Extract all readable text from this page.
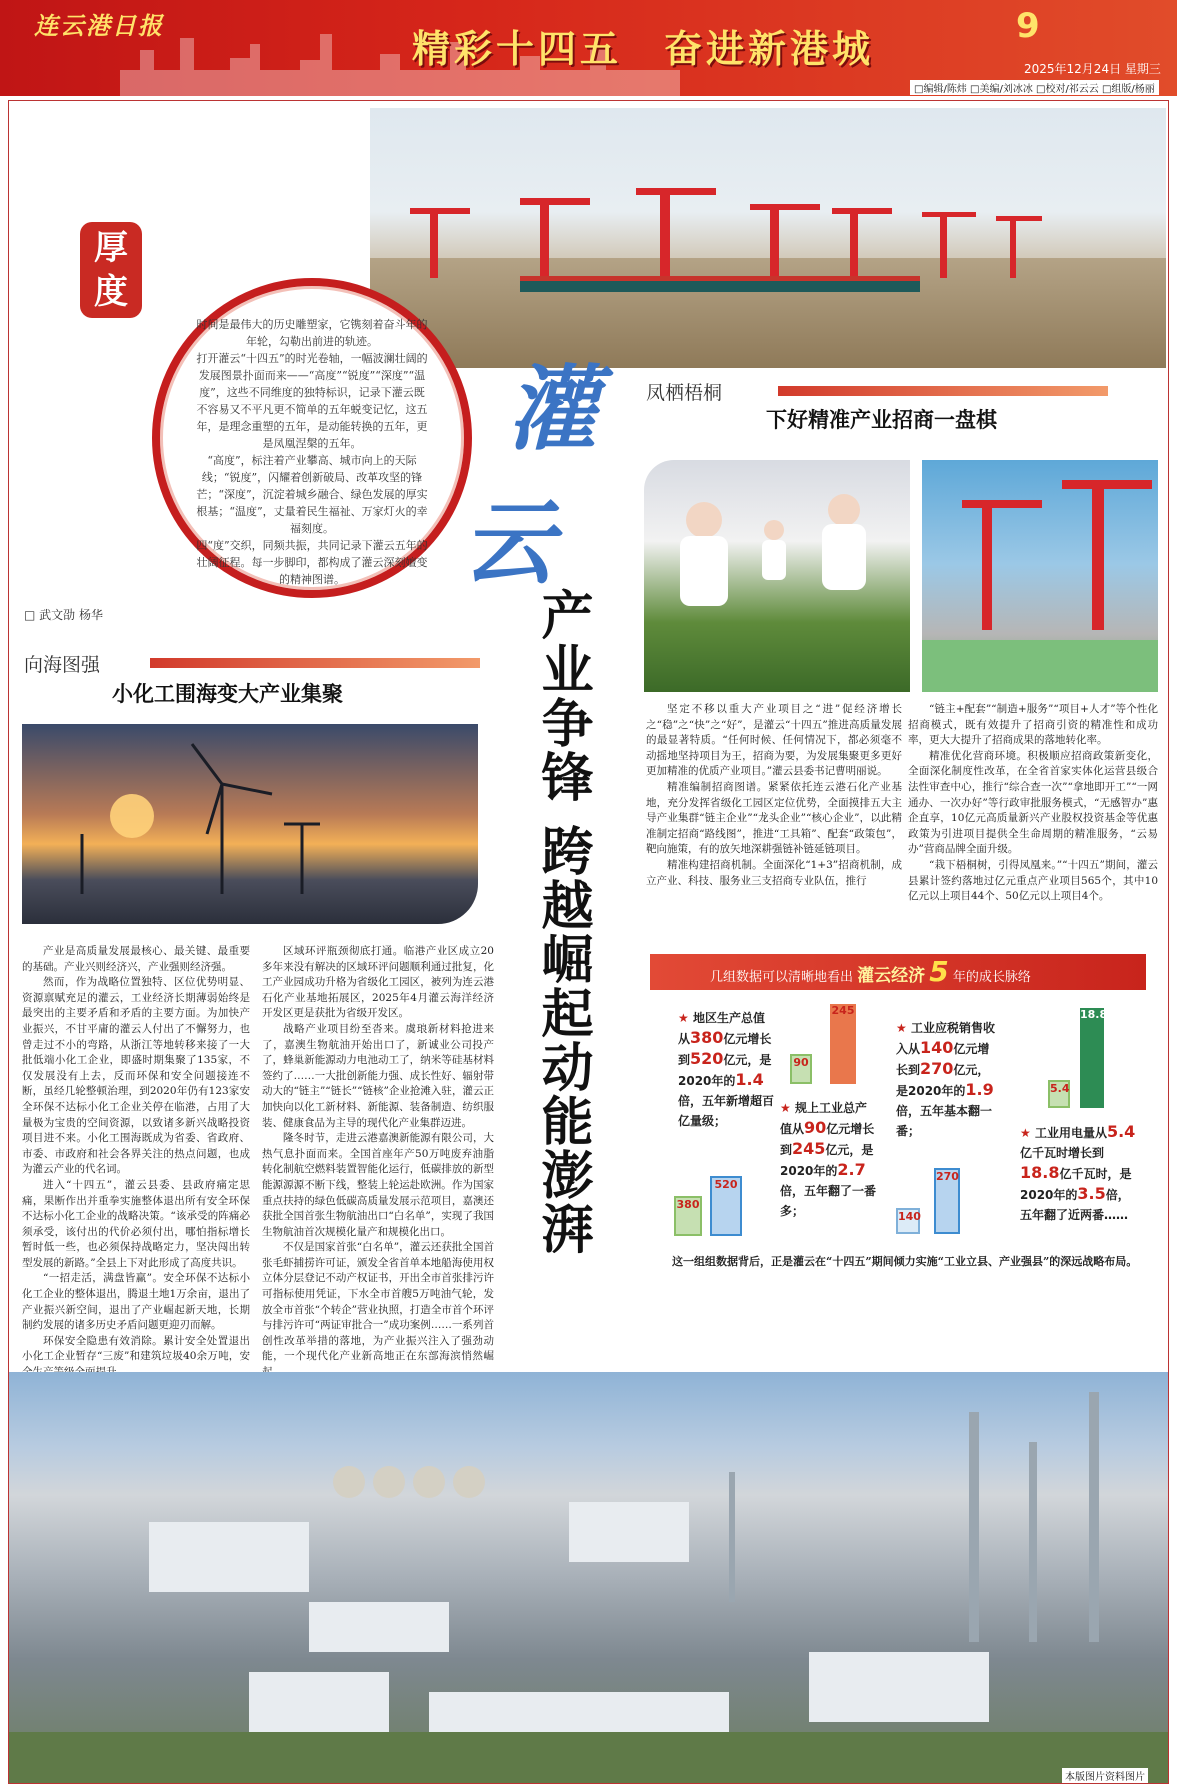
连云港日报
精彩十四五　奋进新港城
9
2025年12月24日 星期三
□编辑/陈炜 □美编/刘冰冰 □校对/祁云云 □组版/杨丽
厚度

时间是最伟大的历史雕塑家，它镌刻着奋斗年的年轮，勾勒出前进的轨迹。

打开灌云“十四五”的时光卷轴，一幅波澜壮阔的发展图景扑面而来——“高度”“锐度”“深度”“温度”，这些不同维度的独特标识，记录下灌云既不容易又不平凡更不简单的五年蜕变记忆，这五年，是理念重塑的五年，是动能转换的五年，更是凤凰涅槃的五年。

“高度”，标注着产业攀高、城市向上的天际线；“锐度”，闪耀着创新破局、改革攻坚的锋芒；“深度”，沉淀着城乡融合、绿色发展的厚实根基；“温度”，丈量着民生福祉、万家灯火的幸福刻度。

四“度”交织，同频共振，共同记录下灌云五年的壮阔征程。每一步脚印，都构成了灌云深刻嬗变的精神图谱。

灌
云
产业争锋 跨越崛起动能澎湃
□ 武文劭 杨华
凤栖梧桐
下好精准产业招商一盘棋

坚定不移以重大产业项目之“进”促经济增长之“稳”之“快”之“好”，是灌云“十四五”推进高质量发展的最显著特质。“任何时候、任何情况下，都必须毫不动摇地坚持项目为王，招商为要，为发展集聚更多更好更加精准的优质产业项目。”灌云县委书记曹明丽说。

精准编制招商图谱。紧紧依托连云港石化产业基地，充分发挥省级化工园区定位优势，全面摸排五大主导产业集群“链主企业”“龙头企业”“核心企业”，以此精准制定招商“路线图”，推进“工具箱”、配套“政策包”，靶向施策，有的放矢地深耕强链补链延链项目。

精准构建招商机制。全面深化“1+3”招商机制，成立产业、科技、服务业三支招商专业队伍，推行

“链主+配套”“制造+服务”“项目+人才”等个性化招商模式，既有效提升了招商引资的精准性和成功率，更大大提升了招商成果的落地转化率。

精准优化营商环境。积极顺应招商政策新变化，全面深化制度性改革，在全省首家实体化运营县级合法性审查中心，推行“综合查一次”“拿地即开工”“一网通办、一次办好”等行政审批服务模式，“无感智办”惠企直享，10亿元高质量新兴产业股权投资基金等优惠政策为引进项目提供全生命周期的精准服务，“云易办”营商品牌全面升级。

“栽下梧桐树，引得凤凰来。”“十四五”期间，灌云县累计签约落地过亿元重点产业项目565个，其中10亿元以上项目44个、50亿元以上项目4个。

向海图强
小化工围海变大产业集聚

产业是高质量发展最核心、最关键、最重要的基础。产业兴则经济兴，产业强则经济强。

然而，作为战略位置独特、区位优势明显、资源禀赋充足的灌云，工业经济长期薄弱始终是最突出的主要矛盾和矛盾的主要方面。为加快产业振兴，不甘平庸的灌云人付出了不懈努力，也曾走过不小的弯路，从浙江等地转移来接了一大批低端小化工企业，即盛时期集聚了135家，不仅发展没有上去，反而环保和安全问题接连不断，虽经几轮整顿治理，到2020年仍有123家安全环保不达标小化工企业关停在临港，占用了大量极为宝贵的空间资源，以致诸多新兴战略投资项目进不来。小化工围海既成为省委、省政府、市委、市政府和社会各界关注的热点问题，也成为灌云产业的代名词。

进入“十四五”，灌云县委、县政府痛定思痛，果断作出并重拳实施整体退出所有安全环保不达标小化工企业的战略决策。“该承受的阵痛必须承受，该付出的代价必须付出，哪怕指标增长暂时低一些，也必须保持战略定力，坚决闯出转型发展的新路。”全县上下对此形成了高度共识。

“一招走活，满盘皆赢”。安全环保不达标小化工企业的整体退出，腾退土地1万余亩，退出了产业振兴新空间，退出了产业崛起新天地，长期制约发展的诸多历史矛盾问题更迎刃而解。

环保安全隐患有效消除。累计安全处置退出小化工企业暂存“三废”和建筑垃圾40余万吨，安

区域环评瓶颈彻底打通。临港产业区成立20多年来没有解决的区域环评问题顺利通过批复，化工产业园成功升格为省级化工园区，被列为连云港石化产业基地拓展区，2025年4月灌云海洋经济开发区更是获批为省级开发区。

战略产业项目纷至沓来。虞琅新材料抢进来了，嘉澳生物航油开始出口了，新诚业公司投产了，蜂巢新能源动力电池动工了，纳米等硅基材料签约了……一大批创新能力强、成长性好、辐射带动大的“链主”“链长”“链核”企业抢滩入驻，灌云正加快向以化工新材料、新能源、装备制造、纺织服装、健康食品为主导的现代化产业集群迈进。

隆冬时节，走进云港嘉澳新能源有限公司，大热气息扑面而来。全国首座年产50万吨废弃油脂转化制航空燃料装置智能化运行，低碳排放的新型能源源源不断下线，整装上轮运赴欧洲。作为国家重点扶持的绿色低碳高质量发展示范项目，嘉澳还获批全国首张生物航油出口“白名单”，实现了我国生物航油首次规模化量产和规模化出口。

不仅是国家首张“白名单”，灌云还获批全国首张毛虾捕捞许可证，颁发全省首单本地船海使用权立体分层登记不动产权证书，开出全市首张排污许可指标使用凭证，下水全市首艘5万吨油气轮，发放全市首张“个转企”营业执照，打造全市首个环评与排污许可“两证审批合一”成功案例……一系列首创性改革举措的落地，为产业振兴注入了强劲动能，一个现代化产业新高地正在东部海滨悄然崛

几组数据可以清晰地看出 灌云经济 5 年的成长脉络
★ 地区生产总值从380亿元增长到520亿元，是2020年的1.4倍，五年新增超百亿量级；
380
520
90
245
★ 规上工业总产值从90亿元增长到245亿元，是2020年的2.7倍，五年翻了一番多；
★ 工业应税销售收入从140亿元增长到270亿元，是2020年的1.9倍，五年基本翻一番；
140
270
5.4
18.8
★ 工业用电量从5.4亿千瓦时增长到18.8亿千瓦时，是2020年的3.5倍，五年翻了近两番……

这一组组数据背后，正是灌云在“十四五”期间倾力实施“工业立县、产业强县”的深远战略布局。

本版图片资料图片
